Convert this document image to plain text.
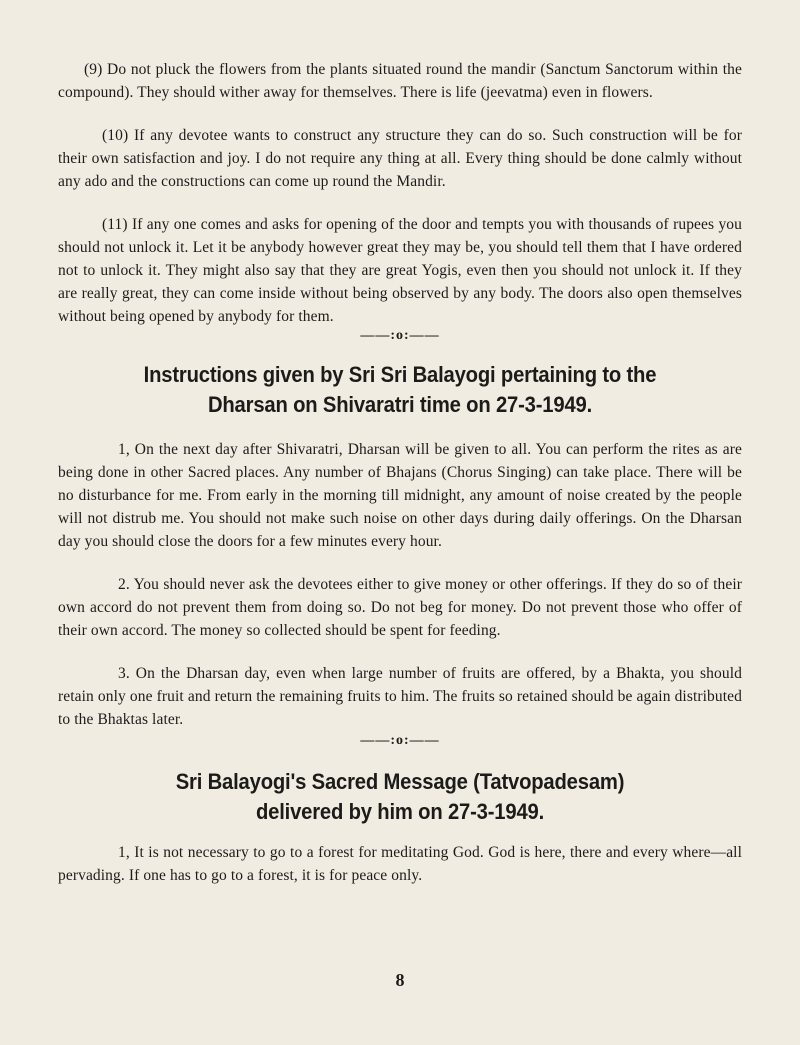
(9) Do not pluck the flowers from the plants situated round the mandir (Sanctum Sanctorum within the compound). They should wither away for themselves. There is life (jeevatma) even in flowers.

(10) If any devotee wants to construct any structure they can do so. Such construction will be for their own satisfaction and joy. I do not require any thing at all. Every thing should be done calmly without any ado and the constructions can come up round the Mandir.

(11) If any one comes and asks for opening of the door and tempts you with thousands of rupees you should not unlock it. Let it be anybody however great they may be, you should tell them that I have ordered not to unlock it. They might also say that they are great Yogis, even then you should not unlock it. If they are really great, they can come inside without being observed by any body. The doors also open themselves without being opened by anybody for them.

——:o:——
Instructions given by Sri Sri Balayogi pertaining to the
Dharsan on Shivaratri time on 27-3-1949.

1, On the next day after Shivaratri, Dharsan will be given to all. You can perform the rites as are being done in other Sacred places. Any number of Bhajans (Chorus Singing) can take place. There will be no disturbance for me. From early in the morning till midnight, any amount of noise created by the people will not distrub me. You should not make such noise on other days during daily offerings. On the Dharsan day you should close the doors for a few minutes every hour.

2. You should never ask the devotees either to give money or other offerings. If they do so of their own accord do not prevent them from doing so. Do not beg for money. Do not prevent those who offer of their own accord. The money so collected should be spent for feeding.

3. On the Dharsan day, even when large number of fruits are offered, by a Bhakta, you should retain only one fruit and return the remaining fruits to him. The fruits so retained should be again distributed to the Bhaktas later.

——:o:——
Sri Balayogi's Sacred Message (Tatvopadesam)
delivered by him on 27-3-1949.

1, It is not necessary to go to a forest for meditating God. God is here, there and every where—all pervading. If one has to go to a forest, it is for peace only.

8
